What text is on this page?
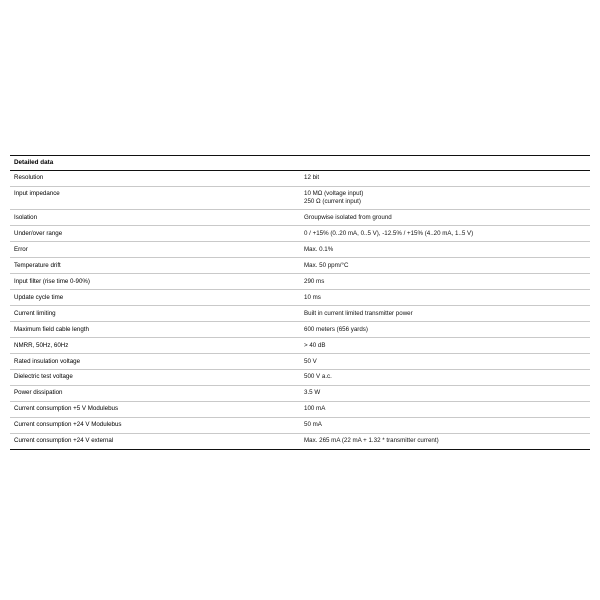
Detailed data	
Resolution	12 bit
Input impedance	10 MΩ (voltage input)
250 Ω (current input)

Isolation	Groupwise isolated from ground
Under/over range	0 / +15% (0..20 mA, 0..5 V), -12.5% / +15% (4..20 mA, 1..5 V)
Error	Max. 0.1%
Temperature drift	Max. 50 ppm/°C
Input filter (rise time 0-90%)	290 ms
Update cycle time	10 ms
Current limiting	Built in current limited transmitter power
Maximum field cable length	600 meters (656 yards)
NMRR, 50Hz, 60Hz	> 40 dB
Rated insulation voltage	50 V
Dielectric test voltage	500 V a.c.
Power dissipation	3.5 W
Current consumption +5 V Modulebus	100 mA
Current consumption +24 V Modulebus	50 mA
Current consumption +24 V external	Max. 265 mA (22 mA + 1.32 * transmitter current)
